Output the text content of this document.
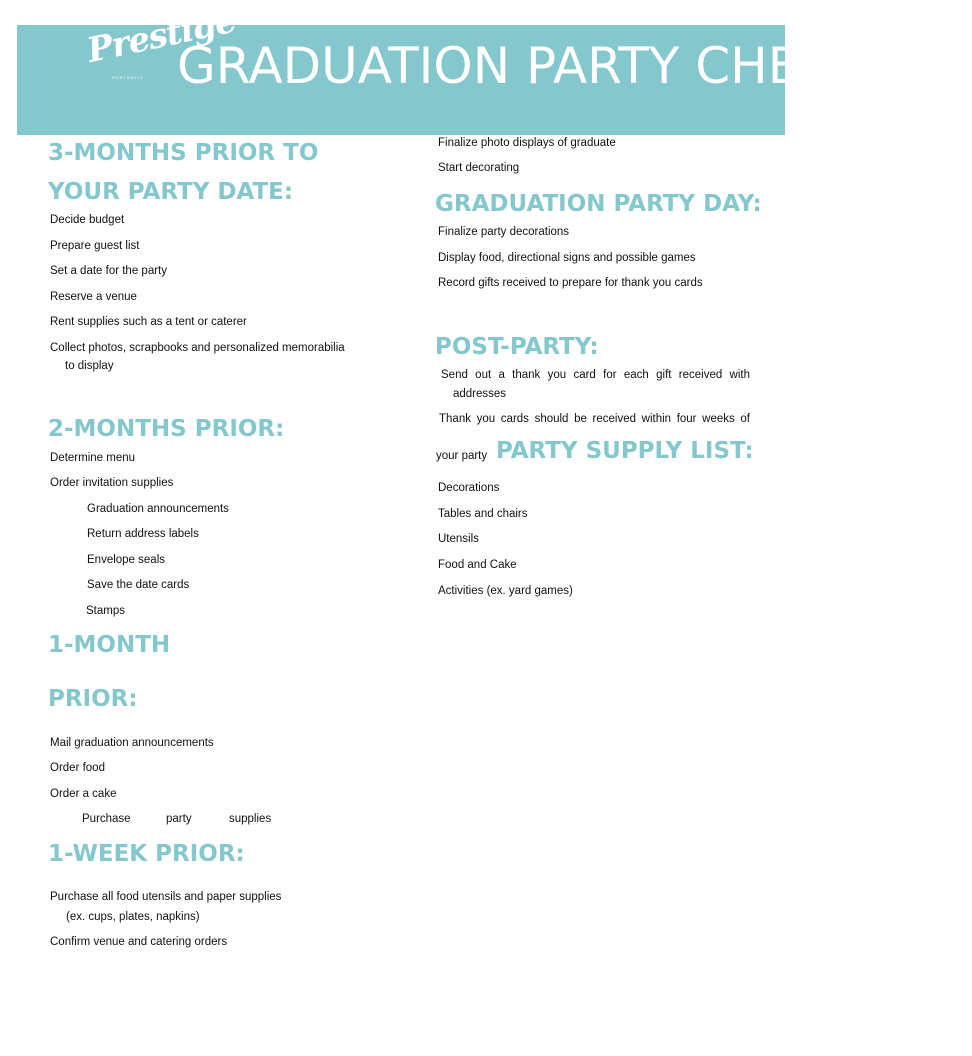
Prestige
PORTRAITS GRADUATION PARTY CHECKLIST
3-MONTHS PRIOR TO
YOUR PARTY DATE:
Decide budget
Prepare guest list
Set a date for the party
Reserve a venue
Rent supplies such as a tent or caterer
Collect photos, scrapbooks and personalized memorabilia
to display
2-MONTHS PRIOR:
Determine menu
Order invitation supplies
Graduation announcements
Return address labels
Envelope seals
Save the date cards
Stamps
1-MONTH
PRIOR:
Mail graduation announcements
Order food
Order a cake
Purchase	party	supplies
1-WEEK PRIOR:
Purchase all food utensils and paper supplies
(ex. cups, plates, napkins)
Confirm venue and catering orders
Finalize photo displays of graduate
Start decorating
GRADUATION PARTY DAY:
Finalize party decorations
Display food, directional signs and possible games
Record gifts received to prepare for thank you cards
POST-PARTY:
Send out a thank you card for each gift received with
addresses
Thank you cards should be received within four weeks of
your party PARTY SUPPLY LIST:
Decorations
Tables and chairs
Utensils
Food and Cake
Activities (ex. yard games)
